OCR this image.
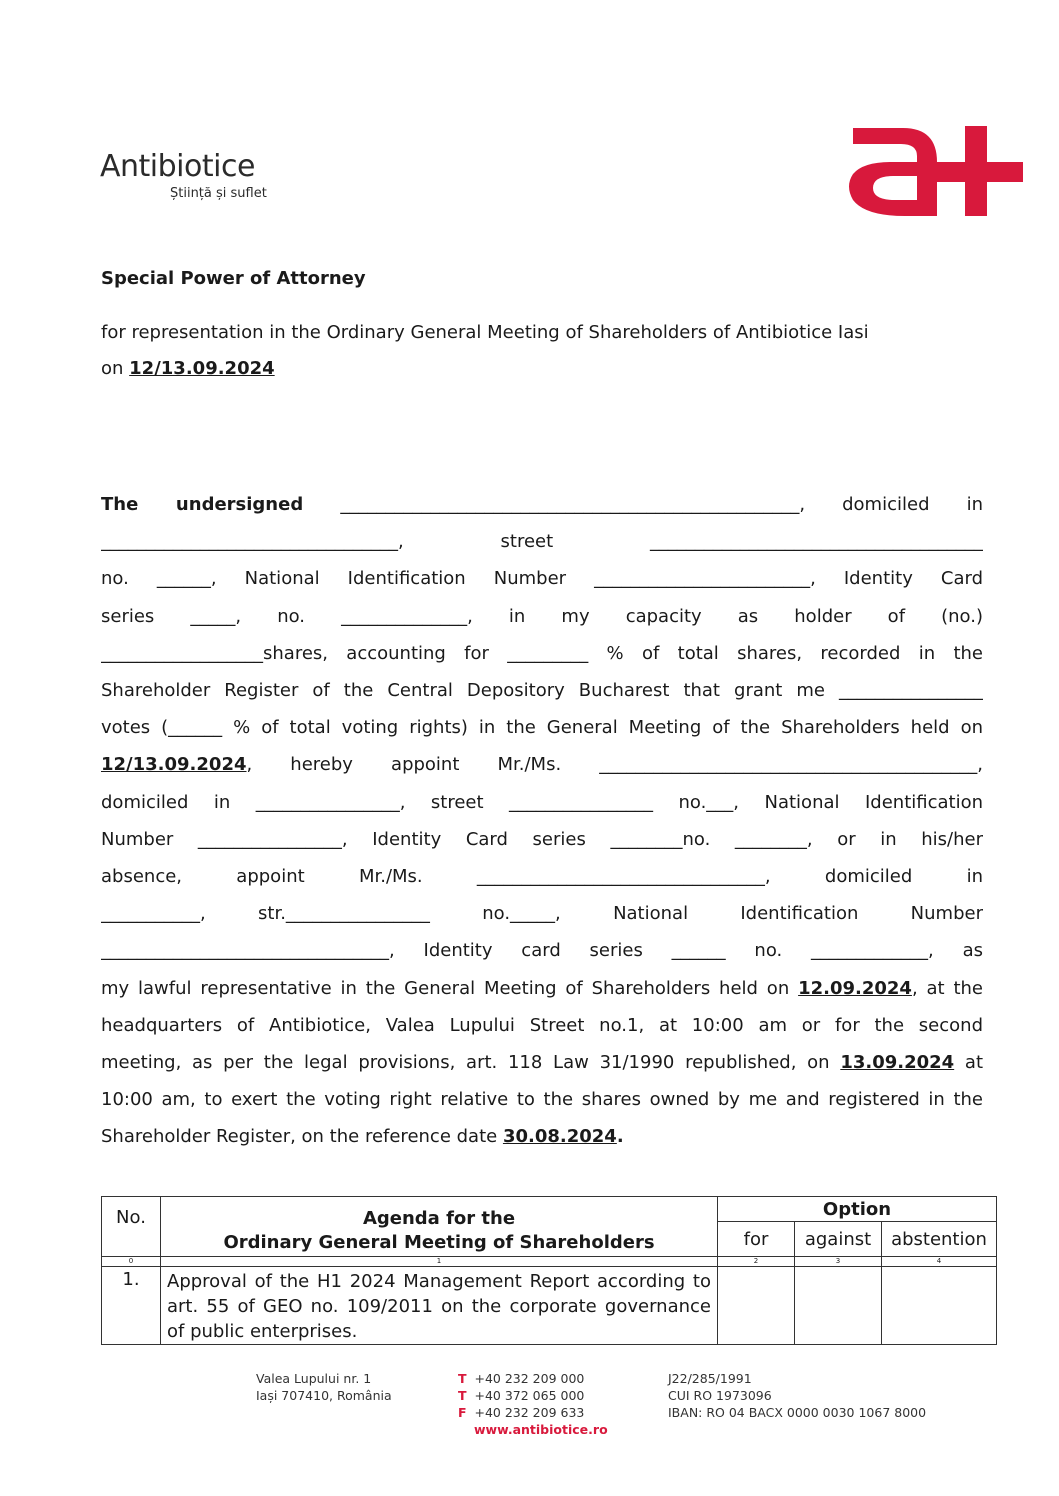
Antibiotice
Știință și suflet
Special Power of Attorney
for representation in the Ordinary General Meeting of Shareholders of Antibiotice Iasi
on 12/13.09.2024
The undersigned ___________________________________________________, domiciled in
_________________________________, street _____________________________________
no. ______, National Identification Number ________________________, Identity Card
series _____, no. ______________, in my capacity as holder of (no.)
__________________shares, accounting for _________ % of total shares, recorded in the
Shareholder Register of the Central Depository Bucharest that grant me ________________
votes (______ % of total voting rights) in the General Meeting of the Shareholders held on
12/13.09.2024, hereby appoint Mr./Ms. __________________________________________,
domiciled in ________________, street ________________ no.___, National Identification
Number ________________, Identity Card series ________no. ________, or in his/her
absence, appoint Mr./Ms. ________________________________, domiciled in
___________, str.________________ no._____, National Identification Number
________________________________, Identity card series ______ no. _____________, as
my lawful representative in the General Meeting of Shareholders held on 12.09.2024, at the
headquarters of Antibiotice, Valea Lupului Street no.1, at 10:00 am or for the second
meeting, as per the legal provisions, art. 118 Law 31/1990 republished, on 13.09.2024 at
10:00 am, to exert the voting right relative to the shares owned by me and registered in the
Shareholder Register, on the reference date 30.08.2024.
No.	Agenda for the
Ordinary General Meeting of Shareholders	Option		
		for	against	abstention
0	1	2	3	4
1.	Approval of the H1 2024 Management Report according to art. 55 of GEO no. 109/2011 on the corporate governance of public enterprises.			
Valea Lupului nr. 1
Iași 707410, România
T +40 232 209 000
T +40 372 065 000
F +40 232 209 633
www.antibiotice.ro
J22/285/1991
CUI RO 1973096
IBAN: RO 04 BACX 0000 0030 1067 8000
